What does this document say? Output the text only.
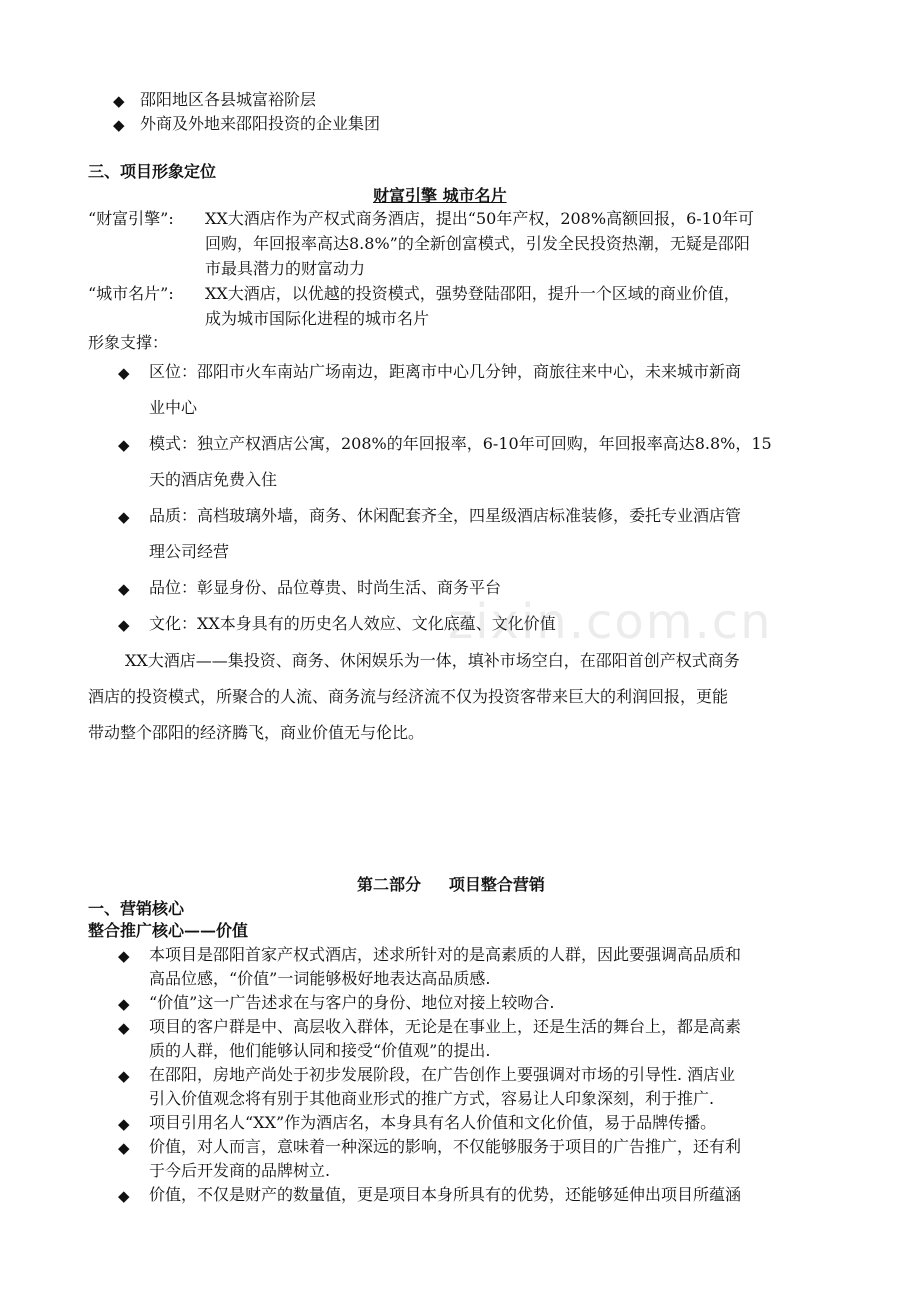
◆ 邵阳地区各县城富裕阶层
◆ 外商及外地来邵阳投资的企业集团
三、项目形象定位
财富引擎 城市名片
“财富引擎”: XX大酒店作为产权式商务酒店，提出“50年产权，208%高额回报，6-10年可
回购，年回报率高达8.8%”的全新创富模式，引发全民投资热潮，无疑是邵阳
市最具潜力的财富动力
“城市名片”: XX大酒店，以优越的投资模式，强势登陆邵阳，提升一个区域的商业价值，
成为城市国际化进程的城市名片
形象支撑：
◆ 区位：邵阳市火车南站广场南边，距离市中心几分钟，商旅往来中心，未来城市新商
业中心
◆ 模式：独立产权酒店公寓，208%的年回报率，6-10年可回购，年回报率高达8.8%，15
天的酒店免费入住
◆ 品质：高档玻璃外墙，商务、休闲配套齐全，四星级酒店标准装修，委托专业酒店管
理公司经营
◆ 品位：彰显身份、品位尊贵、时尚生活、商务平台
◆ 文化：XX本身具有的历史名人效应、文化底蕴、文化价值
zixin.com.cn
XX大酒店——集投资、商务、休闲娱乐为一体，填补市场空白，在邵阳首创产权式商务
酒店的投资模式，所聚合的人流、商务流与经济流不仅为投资客带来巨大的利润回报，更能
带动整个邵阳的经济腾飞，商业价值无与伦比。
第二部分     项目整合营销
一、营销核心
整合推广核心——价值
◆ 本项目是邵阳首家产权式酒店，述求所针对的是高素质的人群，因此要强调高品质和
高品位感，“价值”一词能够极好地表达高品质感.
◆ “价值”这一广告述求在与客户的身份、地位对接上较吻合.
◆ 项目的客户群是中、高层收入群体，无论是在事业上，还是生活的舞台上，都是高素
质的人群，他们能够认同和接受“价值观”的提出.
◆ 在邵阳，房地产尚处于初步发展阶段，在广告创作上要强调对市场的引导性. 酒店业
引入价值观念将有别于其他商业形式的推广方式，容易让人印象深刻，利于推广.
◆ 项目引用名人“XX”作为酒店名，本身具有名人价值和文化价值，易于品牌传播。
◆ 价值，对人而言，意味着一种深远的影响，不仅能够服务于项目的广告推广，还有利
于今后开发商的品牌树立.
◆ 价值，不仅是财产的数量值，更是项目本身所具有的优势，还能够延伸出项目所蕴涵
